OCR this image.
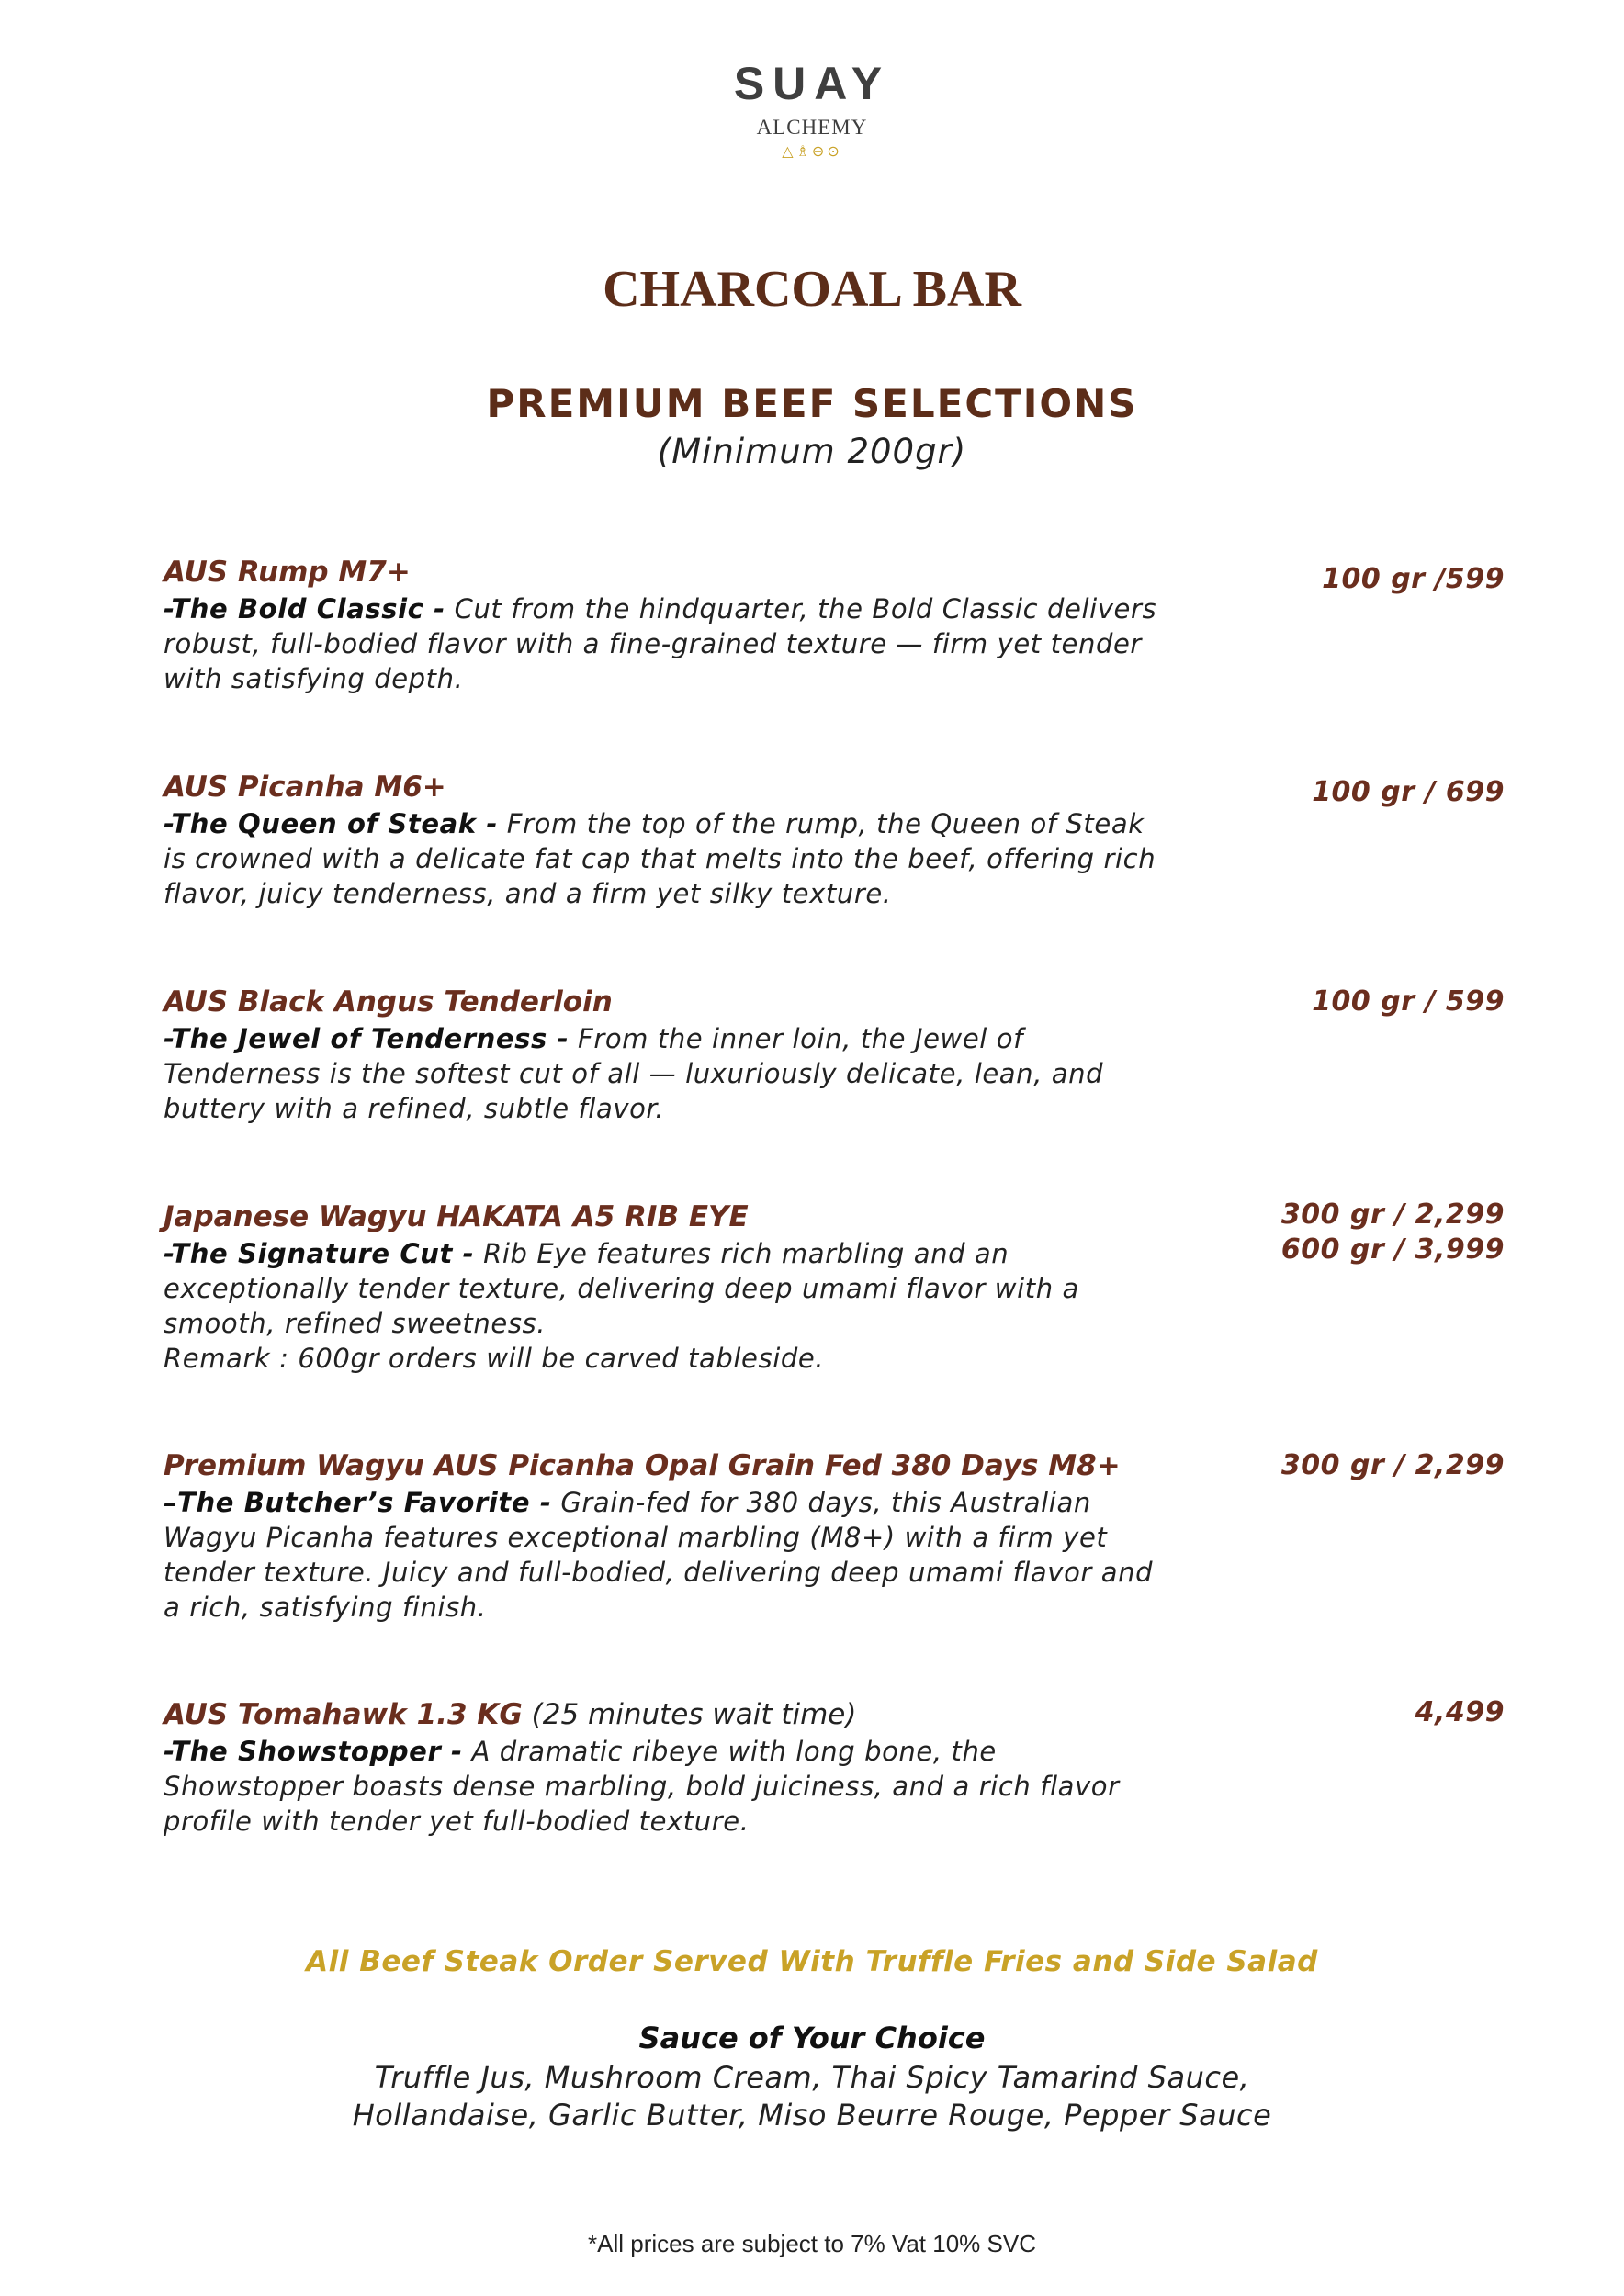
SUAY
ALCHEMY
△♗⊖⊙
CHARCOAL BAR
PREMIUM BEEF SELECTIONS
(Minimum 200gr)
AUS Rump M7+
-The Bold Classic - Cut from the hindquarter, the Bold Classic delivers robust, full-bodied flavor with a fine-grained texture — firm yet tender with satisfying depth.
100 gr /599
AUS Picanha M6+
-The Queen of Steak - From the top of the rump, the Queen of Steak is crowned with a delicate fat cap that melts into the beef, offering rich flavor, juicy tenderness, and a firm yet silky texture.
100 gr / 699
AUS Black Angus Tenderloin
-The Jewel of Tenderness - From the inner loin, the Jewel of Tenderness is the softest cut of all — luxuriously delicate, lean, and buttery with a refined, subtle flavor.
100 gr / 599
Japanese Wagyu HAKATA A5 RIB EYE
-The Signature Cut - Rib Eye features rich marbling and an exceptionally tender texture, delivering deep umami flavor with a smooth, refined sweetness.
Remark : 600gr orders will be carved tableside.
300 gr / 2,299
600 gr / 3,999
Premium Wagyu AUS Picanha Opal Grain Fed 380 Days M8+
–The Butcher’s Favorite - Grain-fed for 380 days, this Australian Wagyu Picanha features exceptional marbling (M8+) with a firm yet tender texture. Juicy and full-bodied, delivering deep umami flavor and a rich, satisfying finish.
300 gr / 2,299
AUS Tomahawk 1.3 KG (25 minutes wait time)
-The Showstopper - A dramatic ribeye with long bone, the Showstopper boasts dense marbling, bold juiciness, and a rich flavor profile with tender yet full-bodied texture.
4,499
All Beef Steak Order Served With Truffle Fries and Side Salad
Sauce of Your Choice
Truffle Jus, Mushroom Cream, Thai Spicy Tamarind Sauce,
Hollandaise, Garlic Butter, Miso Beurre Rouge, Pepper Sauce
*All prices are subject to 7% Vat 10% SVC
